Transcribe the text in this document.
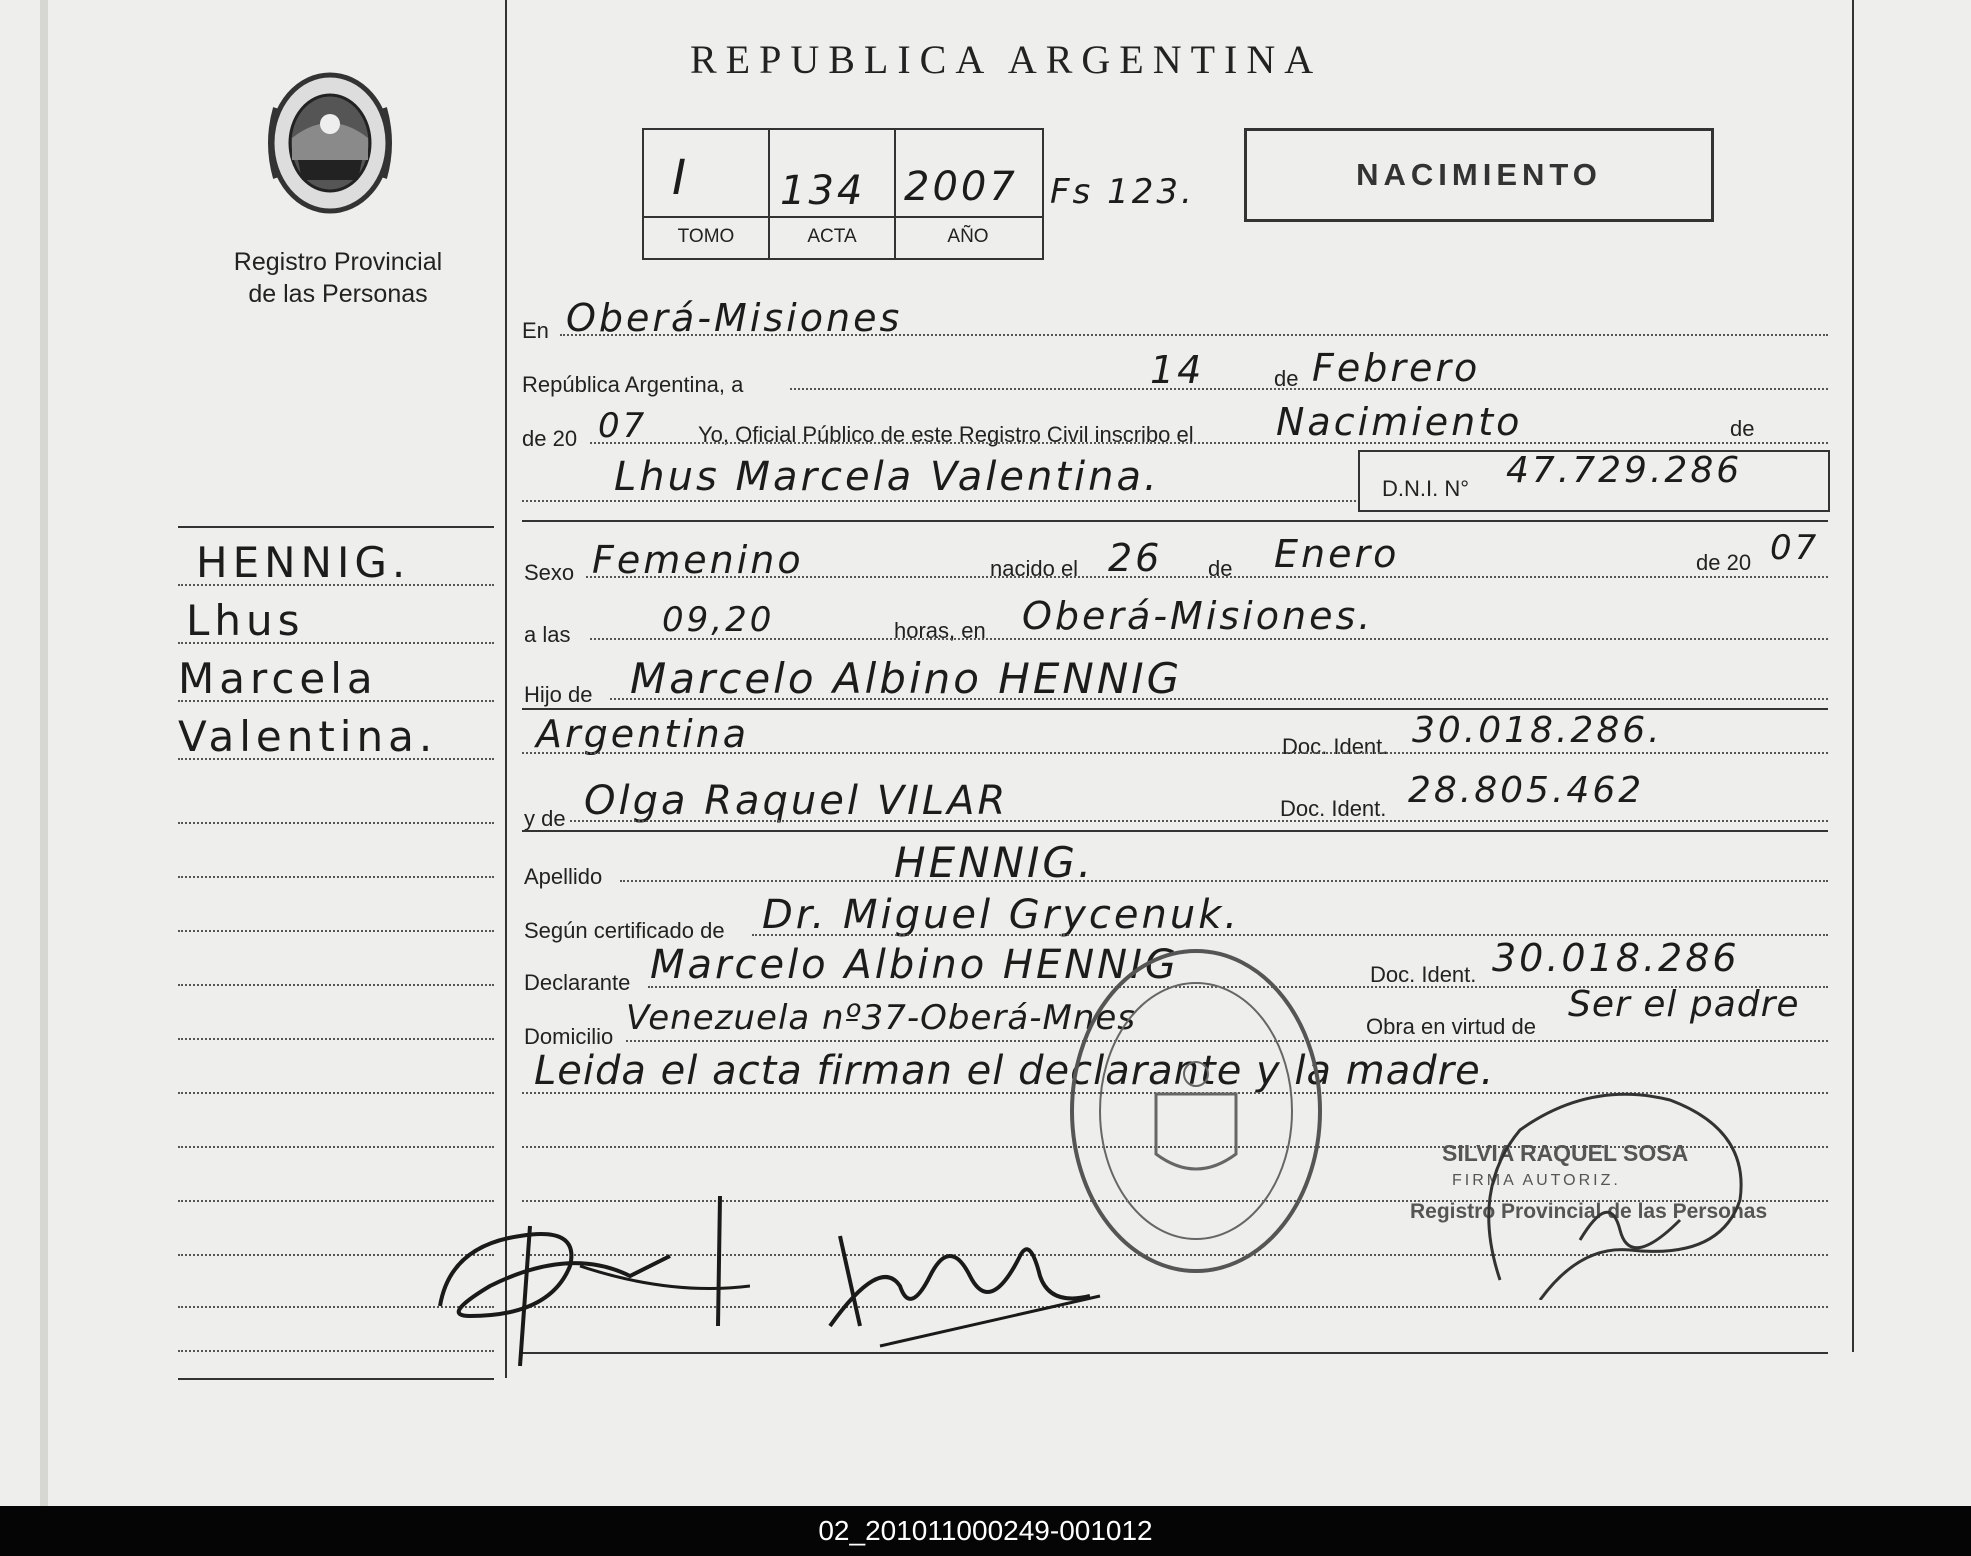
Registro Provincial
de las Personas
HENNIG.
Lhus
Marcela
Valentina.
REPUBLICA ARGENTINA
I 134 2007 Fs 123.
TOMO	ACTA	AÑO
NACIMIENTO
En Oberá-Misiones
República Argentina, a	14	de Febrero
de 20 07 Yo, Oficial Público de este Registro Civil inscribo el Nacimiento	de
Lhus Marcela Valentina.	D.N.I. N° 47.729.286
Sexo Femenino	nacido el 26 de Enero	de 20 07
a las	09,20	horas, en Oberá-Misiones.
Hijo de Marcelo Albino HENNIG
Argentina	Doc. Ident. 30.018.286.
y de Olga Raquel VILAR	Doc. Ident. 28.805.462
Apellido	HENNIG.
Según certificado de Dr. Miguel Grycenuk.
Declarante Marcelo Albino HENNIG	Doc. Ident. 30.018.286
Domicilio Venezuela nº37-Oberá-Mnes	Obra en virtud de
Ser el padre
Leida el acta firman el declarante y la madre.
SILVIA RAQUEL SOSA
FIRMA AUTORIZ.
Registro Provincial de las Personas
02_201011000249-001012
